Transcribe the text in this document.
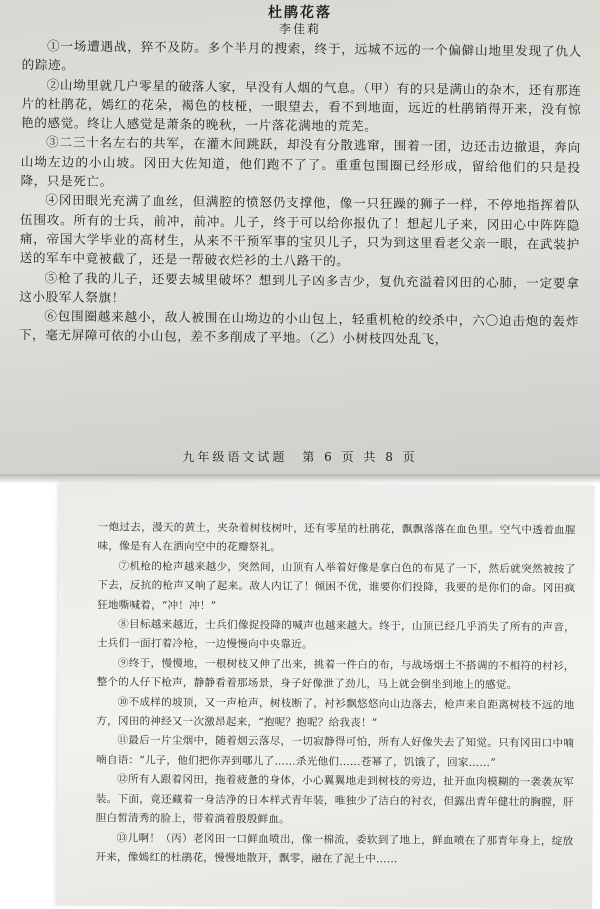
杜鹃花落
李佳莉

①一场遭遇战，猝不及防。多个半月的搜索，终于，远城不远的一个偏僻山地里发现了仇人的踪迹。

②山坳里就几户零星的破落人家，早没有人烟的气息。（甲）有的只是满山的杂木，还有那连片的杜鹃花，嫣红的花朵，褐色的枝桠，一眼望去，看不到地面，远近的杜鹃销得开来，没有惊艳的感觉。终让人感觉是萧条的晚秋，一片落花满地的荒芜。

③二三十名左右的共军，在灌木间跳跃，却没有分散逃窜，围着一团，边还击边撤退，奔向山坳左边的小山坡。冈田大佐知道，他们跑不了了。重重包围圈已经形成，留给他们的只是投降，只是死亡。

④冈田眼光充满了血丝，但满腔的愤怒仍支撑他，像一只狂躁的狮子一样，不停地指挥着队伍围攻。所有的士兵，前冲，前冲。儿子，终于可以给你报仇了！想起儿子来，冈田心中阵阵隐痛，帝国大学毕业的高材生，从来不干预军事的宝贝儿子，只为到这里看老父亲一眼，在武装护送的军车中竟被截了，还是一帮破衣烂衫的土八路干的。

⑤枪了我的儿子，还要去城里破坏？想到儿子凶多吉少，复仇充溢着冈田的心肺，一定要拿这小股军人祭旗！

⑥包围圈越来越小，敌人被围在山坳边的小山包上，轻重机枪的绞杀中，六〇迫击炮的轰炸下，毫无屏障可依的小山包，差不多削成了平地。（乙）小树枝四处乱飞，

九年级语文试题　第 6 页 共 8 页

一炮过去，漫天的黄土，夹杂着树枝树叶，还有零星的杜鹃花，飘飘落落在血色里。空气中透着血腥味，像是有人在洒向空中的花瓣祭礼。

⑦机枪的枪声越来越少，突然间，山顶有人举着好像是拿白色的布晃了一下，然后就突然被按了下去，反抗的枪声又响了起来。敌人内讧了！倾困不优，谁要你们投降，我要的是你们的命。冈田疯狂地嘶喊着，“冲！冲！”

⑧目标越来越近，士兵们像捉投降的喊声也越来越大。终于，山顶已经几乎消失了所有的声音，士兵们一面打着冷枪，一边慢慢向中央靠近。

⑨终于，慢慢地，一根树枝又伸了出来，挑着一件白的布，与战场烟土不搭调的不相符的村衫，整个的人仔下枪声，静静看着那场景，身子好像泄了劲儿，马上就会倒坐到地上的感觉。

⑩不成样的坡顶，又一声枪声，树枝断了，衬衫飘悠悠向山边落去，枪声来自距离树枝不远的地方，冈田的神经又一次激昂起来，“抱呢？抱呢？给我丧！”

⑪最后一片尘烟中，随着烟云落尽，一切寂静得可怕，所有人好像失去了知觉。只有冈田口中喃喃自语：“儿子，他们把你弄到哪儿了……杀光他们……苍幂了，饥饿了，回家……”

⑫所有人跟着冈田，拖着疲惫的身体，小心翼翼地走到树枝的旁边，扯开血肉模糊的一袭袭灰军装。下面，竟还藏着一身洁净的日本样式青年装，唯独少了洁白的衬衣，但露出青年健壮的胸膛，肝胆白皙清秀的脸上，带着淌着殷殷鲜血。

⑬儿啊！（丙）老冈田一口鲜血喷出，像一棉流，委软到了地上，鲜血喷在了那青年身上，绽放开来，像嫣红的杜鹃花，慢慢地散开，飘零，融在了泥土中……
